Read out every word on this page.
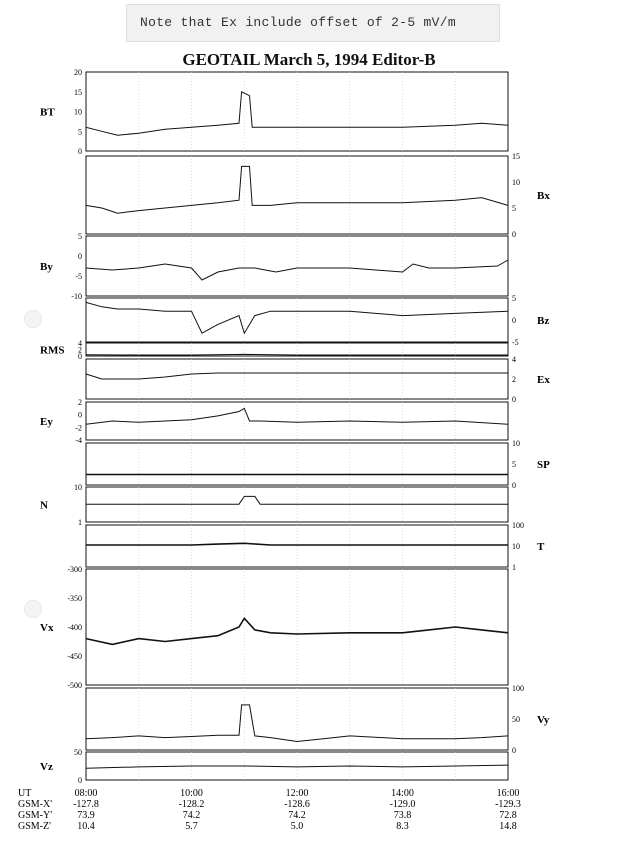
Note that Ex include offset of 2-5 mV/m
GEOTAIL March 5, 1994 Editor-B
20
15
10
5
0
BT
15
10
5
0
Bx
5
0
-5
-10
By
5
0
-5
Bz
4
2
0
RMS
4
2
0
Ex
2
0
-2
-4
Ey
10
5
0
SP
10
1
N
100
10
1
T
-300
-350
-400
-450
-500
Vx
100
50
0
Vy
50
0
Vz
UT	08:00	10:00	12:00	14:00	16:00
GSM-X' -127.8	-128.2	-128.6	-129.0	-129.3
GSM-Y'	73.9	74.2	74.2	73.8	72.8
GSM-Z'	10.4	5.7	5.0	8.3	14.8
